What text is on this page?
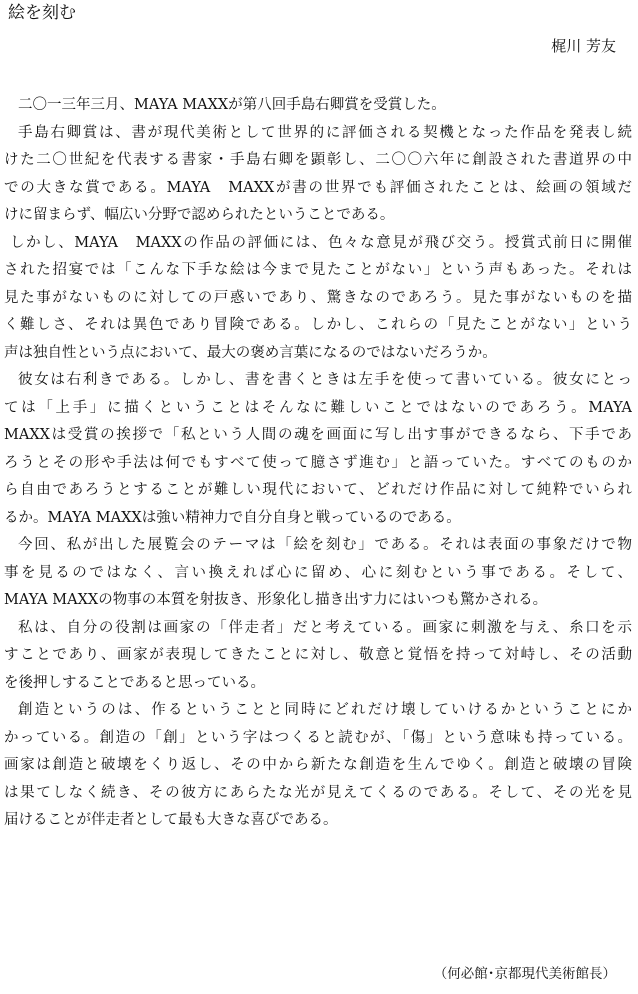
絵を刻む
梶川 芳友
二〇一三年三月、MAYA MAXXが第八回手島右卿賞を受賞した。
手島右卿賞は、書が現代美術として世界的に評価される契機となった作品を発表し続
けた二〇世紀を代表する書家・手島右卿を顕彰し、二〇〇六年に創設された書道界の中
での大きな賞である。MAYA　MAXXが書の世界でも評価されたことは、絵画の領域だ
けに留まらず、幅広い分野で認められたということである。
しかし、MAYA　MAXXの作品の評価には、色々な意見が飛び交う。授賞式前日に開催
された招宴では「こんな下手な絵は今まで見たことがない」という声もあった。それは
見た事がないものに対しての戸惑いであり、驚きなのであろう。見た事がないものを描
く難しさ、それは異色であり冒険である。しかし、これらの「見たことがない」という
声は独自性という点において、最大の褒め言葉になるのではないだろうか。
彼女は右利きである。しかし、書を書くときは左手を使って書いている。彼女にとっ
ては「上手」に描くということはそんなに難しいことではないのであろう。MAYA
MAXXは受賞の挨拶で「私という人間の魂を画面に写し出す事ができるなら、下手であ
ろうとその形や手法は何でもすべて使って臆さず進む」と語っていた。すべてのものか
ら自由であろうとすることが難しい現代において、どれだけ作品に対して純粋でいられ
るか。MAYA MAXXは強い精神力で自分自身と戦っているのである。
今回、私が出した展覧会のテーマは「絵を刻む」である。それは表面の事象だけで物
事を見るのではなく、言い換えれば心に留め、心に刻むという事である。そして、
MAYA MAXXの物事の本質を射抜き、形象化し描き出す力にはいつも驚かされる。
私は、自分の役割は画家の「伴走者」だと考えている。画家に刺激を与え、糸口を示
すことであり、画家が表現してきたことに対し、敬意と覚悟を持って対峙し、その活動
を後押しすることであると思っている。
創造というのは、作るということと同時にどれだけ壊していけるかということにか
かっている。創造の「創」という字はつくると読むが、「傷」という意味も持っている。
画家は創造と破壊をくり返し、その中から新たな創造を生んでゆく。創造と破壊の冒険
は果てしなく続き、その彼方にあらたな光が見えてくるのである。そして、その光を見
届けることが伴走者として最も大きな喜びである。
（何必館･京都現代美術館長）
